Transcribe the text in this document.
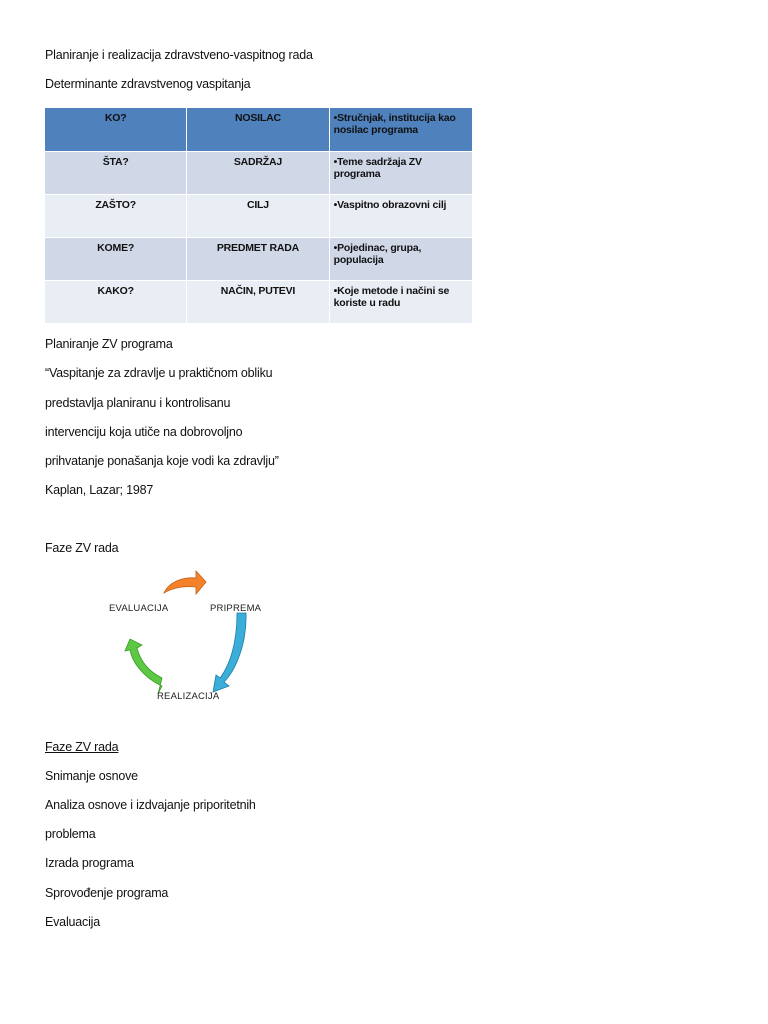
Planiranje i realizacija zdravstveno-vaspitnog rada
Determinante zdravstvenog vaspitanja
KO?	NOSILAC	•Stručnjak, institucija kao nosilac programa
ŠTA?	SADRŽAJ	•Teme sadržaja ZV programa
ZAŠTO?	CILJ	•Vaspitno obrazovni cilj
KOME?	PREDMET RADA	•Pojedinac, grupa, populacija
KAKO?	NAČIN, PUTEVI	•Koje metode i načini se koriste u radu
Planiranje ZV programa
“Vaspitanje za zdravlje u praktičnom obliku
predstavlja planiranu i kontrolisanu
intervenciju koja utiče na dobrovoljno
prihvatanje ponašanja koje vodi ka zdravlju”
Kaplan, Lazar; 1987
Faze ZV rada
EVALUACIJA	PRIPREMA
REALIZACIJA
Faze ZV rada
Snimanje osnove
Analiza osnove i izdvajanje priporitetnih
problema
Izrada programa
Sprovođenje programa
Evaluacija
